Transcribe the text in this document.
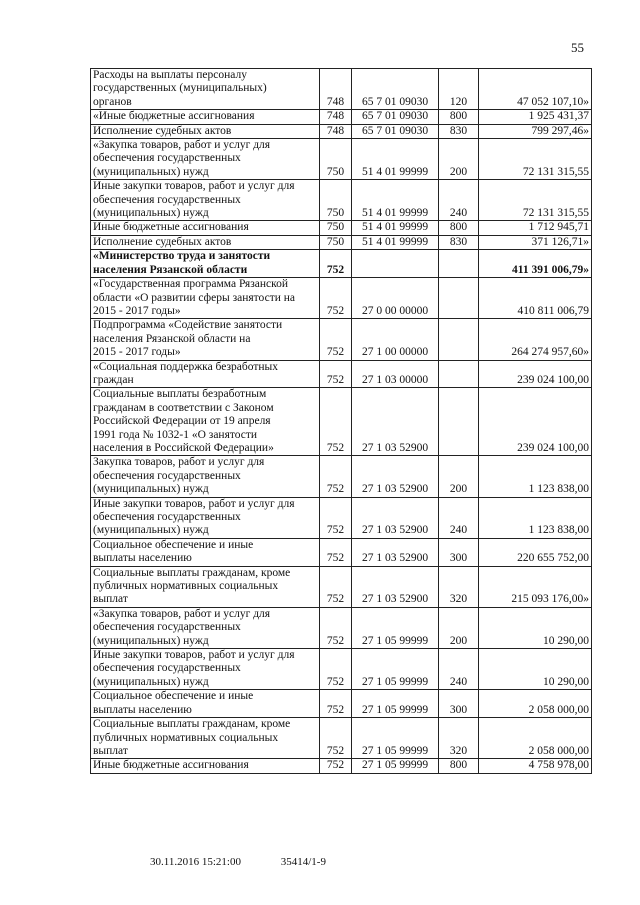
55
Расходы на выплаты персоналу
государственных (муниципальных)
органов	748	65 7 01 09030	120	47 052 107,10»
«Иные бюджетные ассигнования	748	65 7 01 09030	800	1 925 431,37
Исполнение судебных актов	748	65 7 01 09030	830	799 297,46»
«Закупка товаров, работ и услуг для
обеспечения государственных
(муниципальных) нужд	750	51 4 01 99999	200	72 131 315,55
Иные закупки товаров, работ и услуг для
обеспечения государственных
(муниципальных) нужд	750	51 4 01 99999	240	72 131 315,55
Иные бюджетные ассигнования	750	51 4 01 99999	800	1 712 945,71
Исполнение судебных актов	750	51 4 01 99999	830	371 126,71»
«Министерство труда и занятости
населения Рязанской области	752			411 391 006,79»
«Государственная программа Рязанской
области «О развитии сферы занятости на
2015 - 2017 годы»	752	27 0 00 00000		410 811 006,79
Подпрограмма «Содействие занятости
населения Рязанской области на
2015 - 2017 годы»	752	27 1 00 00000		264 274 957,60»
«Социальная поддержка безработных
граждан	752	27 1 03 00000		239 024 100,00
Социальные выплаты безработным
гражданам в соответствии с Законом
Российской Федерации от 19 апреля
1991 года № 1032-1 «О занятости
населения в Российской Федерации»	752	27 1 03 52900		239 024 100,00
Закупка товаров, работ и услуг для
обеспечения государственных
(муниципальных) нужд	752	27 1 03 52900	200	1 123 838,00
Иные закупки товаров, работ и услуг для
обеспечения государственных
(муниципальных) нужд	752	27 1 03 52900	240	1 123 838,00
Социальное обеспечение и иные
выплаты населению	752	27 1 03 52900	300	220 655 752,00
Социальные выплаты гражданам, кроме
публичных нормативных социальных
выплат	752	27 1 03 52900	320	215 093 176,00»
«Закупка товаров, работ и услуг для
обеспечения государственных
(муниципальных) нужд	752	27 1 05 99999	200	10 290,00
Иные закупки товаров, работ и услуг для
обеспечения государственных
(муниципальных) нужд	752	27 1 05 99999	240	10 290,00
Социальное обеспечение и иные
выплаты населению	752	27 1 05 99999	300	2 058 000,00
Социальные выплаты гражданам, кроме
публичных нормативных социальных
выплат	752	27 1 05 99999	320	2 058 000,00
Иные бюджетные ассигнования	752	27 1 05 99999	800	4 758 978,00
30.11.2016 15:21:00	35414/1-9
